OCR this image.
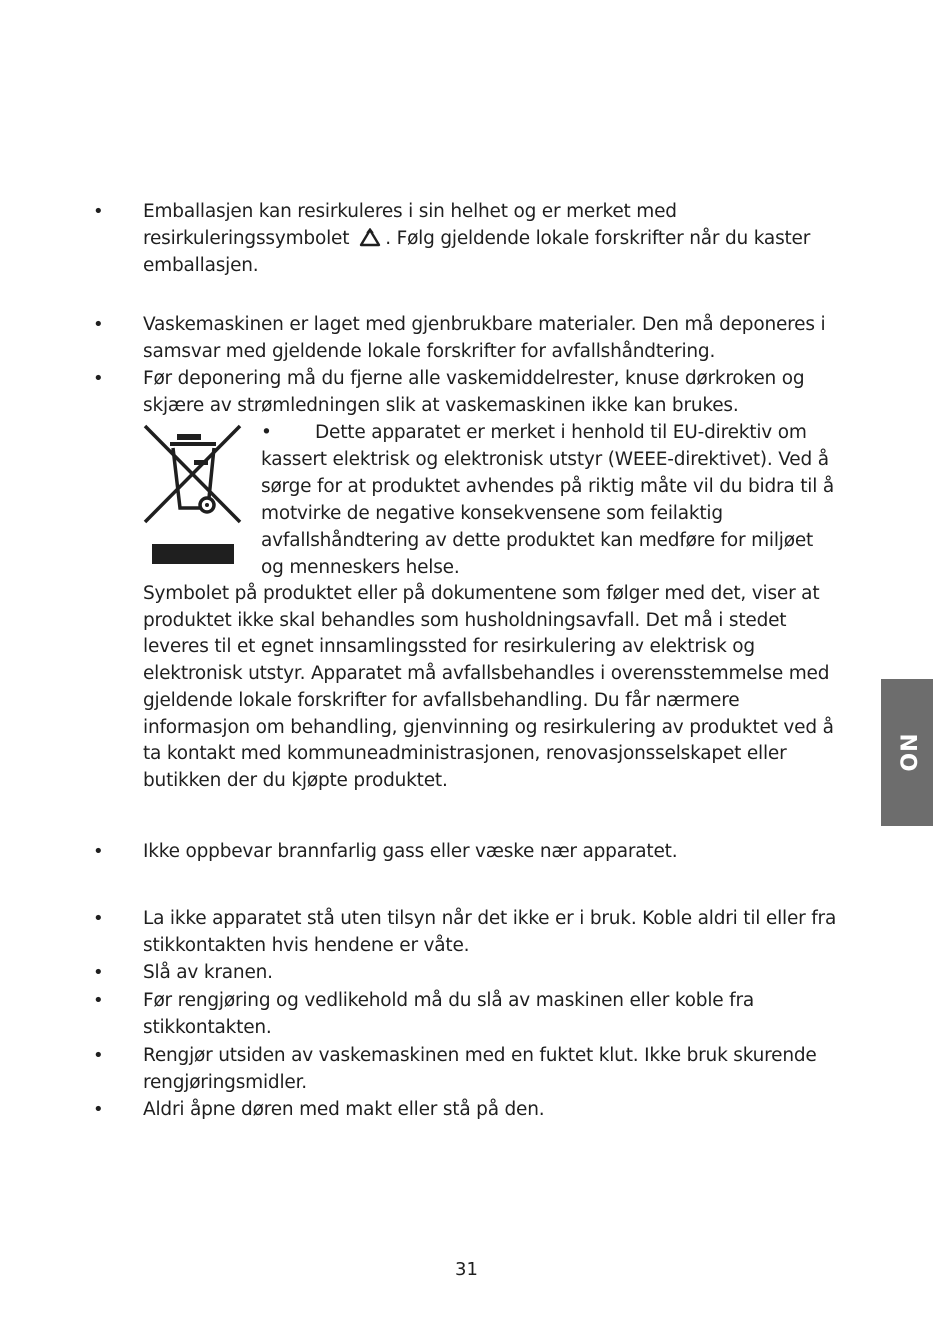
• Emballasjen kan resirkuleres i sin helhet og er merket med
resirkuleringssymbolet . Følg gjeldende lokale forskrifter når du kaster
emballasjen.
• Vaskemaskinen er laget med gjenbrukbare materialer. Den må deponeres i
samsvar med gjeldende lokale forskrifter for avfallshåndtering.
• Før deponering må du fjerne alle vaskemiddelrester, knuse dørkroken og
skjære av strømledningen slik at vaskemaskinen ikke kan brukes.
• Dette apparatet er merket i henhold til EU-direktiv om
kassert elektrisk og elektronisk utstyr (WEEE-direktivet). Ved å
sørge for at produktet avhendes på riktig måte vil du bidra til å
motvirke de negative konsekvensene som feilaktig
avfallshåndtering av dette produktet kan medføre for miljøet
og menneskers helse.
Symbolet på produktet eller på dokumentene som følger med det, viser at
produktet ikke skal behandles som husholdningsavfall. Det må i stedet
leveres til et egnet innsamlingssted for resirkulering av elektrisk og
elektronisk utstyr. Apparatet må avfallsbehandles i overensstemmelse med
gjeldende lokale forskrifter for avfallsbehandling. Du får nærmere
informasjon om behandling, gjenvinning og resirkulering av produktet ved å
ta kontakt med kommuneadministrasjonen, renovasjonsselskapet eller
butikken der du kjøpte produktet.
• Ikke oppbevar brannfarlig gass eller væske nær apparatet.
• La ikke apparatet stå uten tilsyn når det ikke er i bruk. Koble aldri til eller fra
stikkontakten hvis hendene er våte.
• Slå av kranen.
• Før rengjøring og vedlikehold må du slå av maskinen eller koble fra
stikkontakten.
• Rengjør utsiden av vaskemaskinen med en fuktet klut. Ikke bruk skurende
rengjøringsmidler.
• Aldri åpne døren med makt eller stå på den.
NO
31
